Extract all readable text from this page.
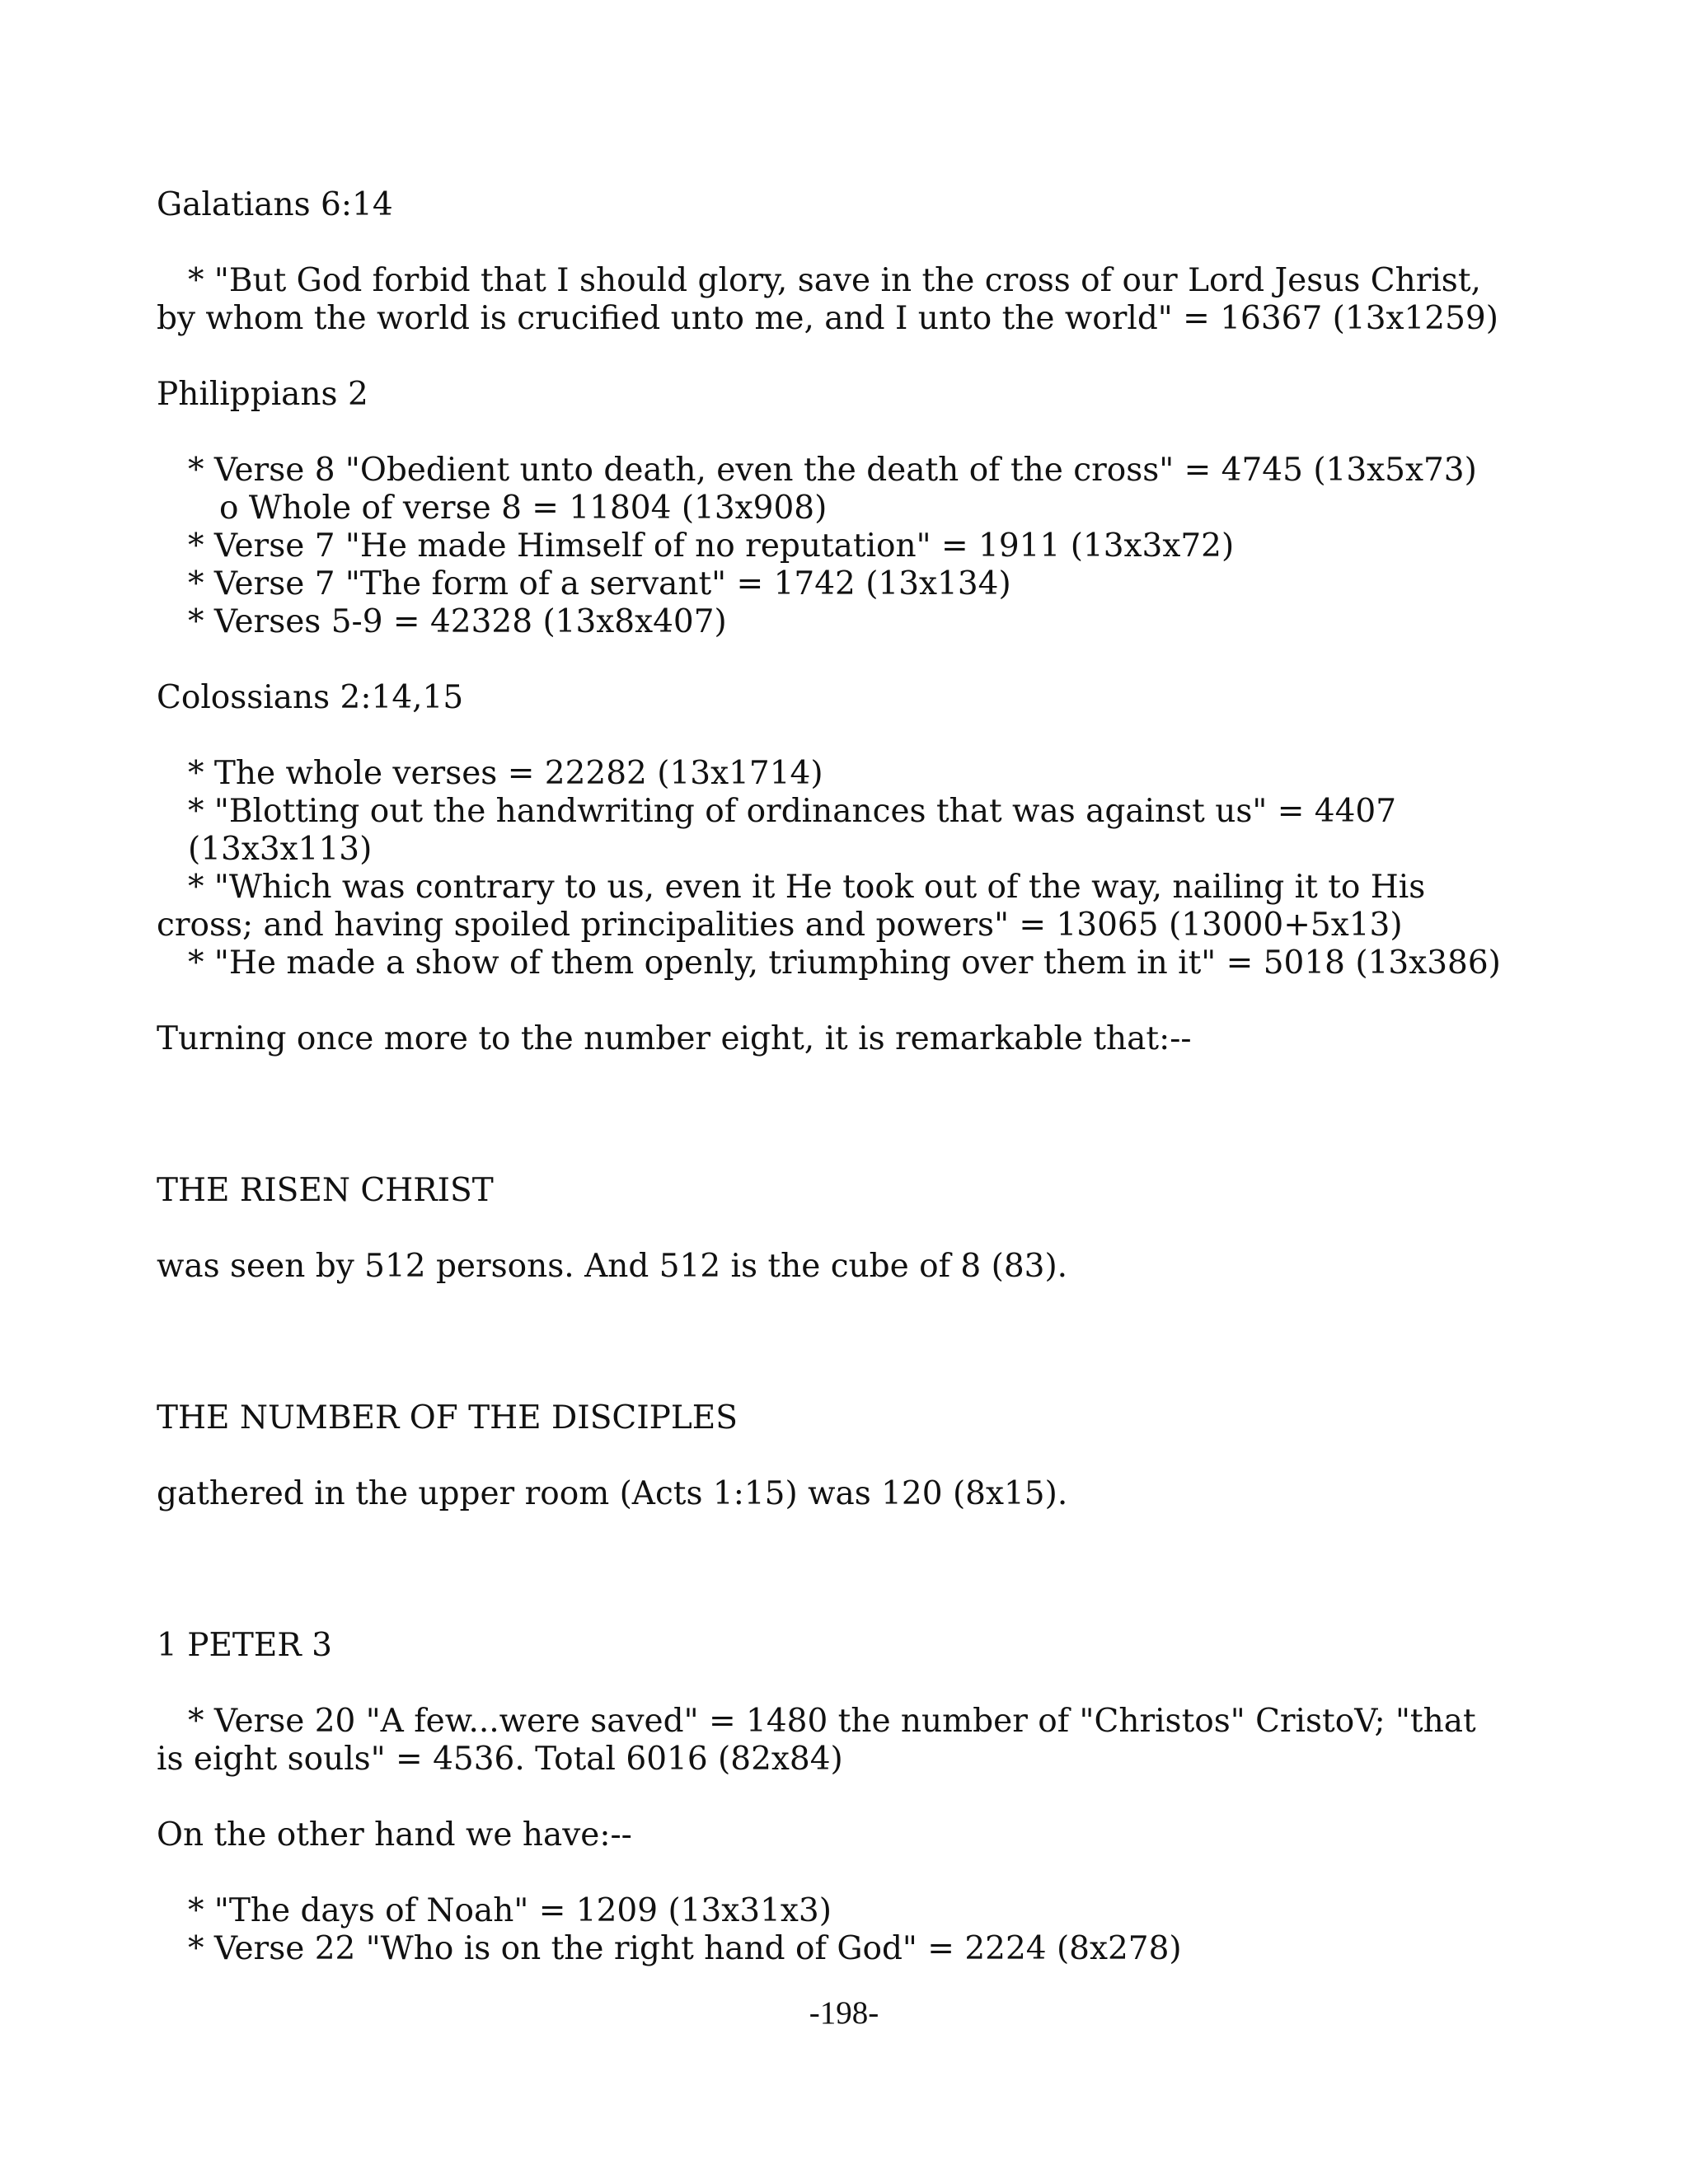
Galatians 6:14

* "But God forbid that I should glory, save in the cross of our Lord Jesus Christ, by whom the world is crucified unto me, and I unto the world" = 16367 (13x1259)

Philippians 2

* Verse 8 "Obedient unto death, even the death of the cross" = 4745 (13x5x73)

o Whole of verse 8 = 11804 (13x908)

* Verse 7 "He made Himself of no reputation" = 1911 (13x3x72)

* Verse 7 "The form of a servant" = 1742 (13x134)

* Verses 5-9 = 42328 (13x8x407)

Colossians 2:14,15

* The whole verses = 22282 (13x1714)

* "Blotting out the handwriting of ordinances that was against us" = 4407 (13x3x113)

* "Which was contrary to us, even it He took out of the way, nailing it to His cross; and having spoiled principalities and powers" = 13065 (13000+5x13)

* "He made a show of them openly, triumphing over them in it" = 5018 (13x386)

Turning once more to the number eight, it is remarkable that:--

THE RISEN CHRIST

was seen by 512 persons. And 512 is the cube of 8 (83).

THE NUMBER OF THE DISCIPLES

gathered in the upper room (Acts 1:15) was 120 (8x15).

1 PETER 3

* Verse 20 "A few...were saved" = 1480 the number of "Christos" CristoV; "that is eight souls" = 4536. Total 6016 (82x84)

On the other hand we have:--

* "The days of Noah" = 1209 (13x31x3)

* Verse 22 "Who is on the right hand of God" = 2224 (8x278)

-198-
